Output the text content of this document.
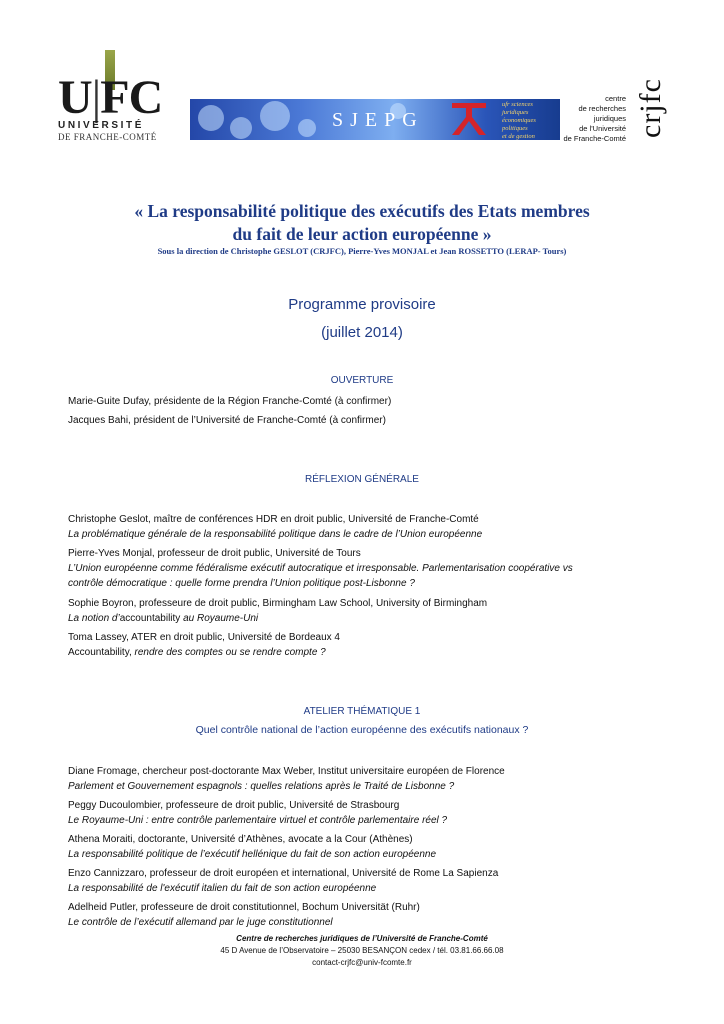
U|FC
UNIVERSITÉ
DE FRANCHE-COMTÉ
SJEPG
ufr sciences
juridiques
économiques
politiques
et de gestion
centre
de recherches
juridiques
de l'Université
de Franche-Comté
crjfc
« La responsabilité politique des exécutifs des Etats membres
du fait de leur action européenne »
Sous la direction de Christophe GESLOT (CRJFC), Pierre-Yves MONJAL et Jean ROSSETTO (LERAP- Tours)
Programme provisoire
(juillet 2014)
OUVERTURE
Marie-Guite Dufay, présidente de la Région Franche-Comté (à confirmer)
Jacques Bahi, président de l’Université de Franche-Comté (à confirmer)
RÉFLEXION GÉNÉRALE
Christophe Geslot, maître de conférences HDR en droit public, Université de Franche-Comté
La problématique générale de la responsabilité politique dans le cadre de l’Union européenne
Pierre-Yves Monjal, professeur de droit public, Université de Tours
L’Union européenne comme fédéralisme exécutif autocratique et irresponsable. Parlementarisation coopérative vs
contrôle démocratique : quelle forme prendra l’Union politique post-Lisbonne ?
Sophie Boyron, professeure de droit public, Birmingham Law School, University of Birmingham
La notion d’accountability au Royaume-Uni
Toma Lassey, ATER en droit public, Université de Bordeaux 4
Accountability, rendre des comptes ou se rendre compte ?
ATELIER THÉMATIQUE 1
Quel contrôle national de l’action européenne des exécutifs nationaux ?
Diane Fromage, chercheur post-doctorante Max Weber, Institut universitaire européen de Florence
Parlement et Gouvernement espagnols : quelles relations après le Traité de Lisbonne ?
Peggy Ducoulombier, professeure de droit public, Université de Strasbourg
Le Royaume-Uni : entre contrôle parlementaire virtuel et contrôle parlementaire réel ?
Athena Moraiti, doctorante, Université d’Athènes, avocate a la Cour (Athènes)
La responsabilité politique de l’exécutif hellénique du fait de son action européenne
Enzo Cannizzaro, professeur de droit européen et international, Université de Rome La Sapienza
La responsabilité de l'exécutif italien du fait de son action européenne
Adelheid Putler, professeure de droit constitutionnel, Bochum Universität (Ruhr)
Le contrôle de l’exécutif allemand par le juge constitutionnel
Centre de recherches juridiques de l’Université de Franche-Comté
45 D Avenue de l’Observatoire – 25030 BESANÇON cedex / tél. 03.81.66.66.08
contact-crjfc@univ-fcomte.fr
